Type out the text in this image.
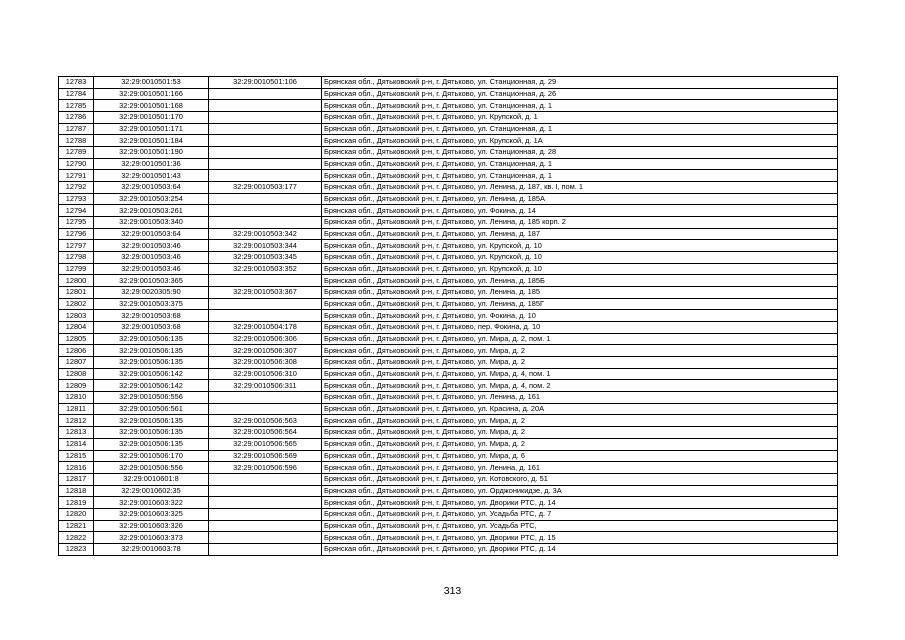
12783	32:29:0010501:53	32:29:0010501:106	Брянская обл., Дятьковский р-н, г. Дятьково, ул. Станционная, д. 29
12784	32:29:0010501:166		Брянская обл., Дятьковский р-н, г. Дятьково, ул. Станционная, д. 26
12785	32:29:0010501:168		Брянская обл., Дятьковский р-н, г. Дятьково, ул. Станционная, д. 1
12786	32:29:0010501:170		Брянская обл., Дятьковский р-н, г. Дятьково, ул. Крупской, д. 1
12787	32:29:0010501:171		Брянская обл., Дятьковский р-н, г. Дятьково, ул. Станционная, д. 1
12788	32:29:0010501:184		Брянская обл., Дятьковский р-н, г. Дятьково, ул. Крупской, д. 1А
12789	32:29:0010501:190		Брянская обл., Дятьковский р-н, г. Дятьково, ул. Станционная, д. 28
12790	32:29:0010501:36		Брянская обл., Дятьковский р-н, г. Дятьково, ул. Станционная, д. 1
12791	32:29:0010501:43		Брянская обл., Дятьковский р-н, г. Дятьково, ул. Станционная, д. 1
12792	32:29:0010503:64	32:29:0010503:177	Брянская обл., Дятьковский р-н, г. Дятьково, ул. Ленина, д. 187, кв. I, пом. 1
12793	32:29:0010503:254		Брянская обл., Дятьковский р-н, г. Дятьково, ул. Ленина, д. 185А
12794	32:29:0010503:261		Брянская обл., Дятьковский р-н, г. Дятьково, ул. Фокина, д. 14
12795	32:29:0010503:340		Брянская обл., Дятьковский р-н, г. Дятьково, ул. Ленина, д. 185 корп. 2
12796	32:29:0010503:64	32:29:0010503:342	Брянская обл., Дятьковский р-н, г. Дятьково, ул. Ленина, д. 187
12797	32:29:0010503:46	32:29:0010503:344	Брянская обл., Дятьковский р-н, г. Дятьково, ул. Крупской, д. 10
12798	32:29:0010503:46	32:29:0010503:345	Брянская обл., Дятьковский р-н, г. Дятьково, ул. Крупской, д. 10
12799	32:29:0010503:46	32:29:0010503:352	Брянская обл., Дятьковский р-н, г. Дятьково, ул. Крупской, д. 10
12800	32:29:0010503:365		Брянская обл., Дятьковский р-н, г. Дятьково, ул. Ленина, д. 185Б
12801	32:29:0020305:90	32:29:0010503:367	Брянская обл., Дятьковский р-н, г. Дятьково, ул. Ленина, д. 185
12802	32:29:0010503:375		Брянская обл., Дятьковский р-н, г. Дятьково, ул. Ленина, д. 185Г
12803	32:29:0010503:68		Брянская обл., Дятьковский р-н, г. Дятьково, ул. Фокина, д. 10
12804	32:29:0010503:68	32:29:0010504:178	Брянская обл., Дятьковский р-н, г. Дятьково, пер. Фокина, д. 10
12805	32:29:0010506:135	32:29:0010506:306	Брянская обл., Дятьковский р-н, г. Дятьково, ул. Мира, д. 2, пом. 1
12806	32:29:0010506:135	32:29:0010506:307	Брянская обл., Дятьковский р-н, г. Дятьково, ул. Мира, д. 2
12807	32:29:0010506:135	32:29:0010506:308	Брянская обл., Дятьковский р-н, г. Дятьково, ул. Мира, д. 2
12808	32:29:0010506:142	32:29:0010506:310	Брянская обл., Дятьковский р-н, г. Дятьково, ул. Мира, д. 4, пом. 1
12809	32:29:0010506:142	32:29:0010506:311	Брянская обл., Дятьковский р-н, г. Дятьково, ул. Мира, д. 4, пом. 2
12810	32:29:0010506:556		Брянская обл., Дятьковский р-н, г. Дятьково, ул. Ленина, д. 161
12811	32:29:0010506:561		Брянская обл., Дятьковский р-н, г. Дятьково, ул. Красина, д. 20А
12812	32:29:0010506:135	32:29:0010506:563	Брянская обл., Дятьковский р-н, г. Дятьково, ул. Мира, д. 2
12813	32:29:0010506:135	32:29:0010506:564	Брянская обл., Дятьковский р-н, г. Дятьково, ул. Мира, д. 2
12814	32:29:0010506:135	32:29:0010506:565	Брянская обл., Дятьковский р-н, г. Дятьково, ул. Мира, д. 2
12815	32:29:0010506:170	32:29:0010506:569	Брянская обл., Дятьковский р-н, г. Дятьково, ул. Мира, д. 6
12816	32:29:0010506:556	32:29:0010506:596	Брянская обл., Дятьковский р-н, г. Дятьково, ул. Ленина, д. 161
12817	32:29:0010601:8		Брянская обл., Дятьковский р-н, г. Дятьково, ул. Котовского, д. 51
12818	32:29:0010602:35		Брянская обл., Дятьковский р-н, г. Дятьково, ул. Орджоникидзе, д. 3А
12819	32:29:0010603:322		Брянская обл., Дятьковский р-н, г. Дятьково, ул. Дворики РТС, д. 14
12820	32:29:0010603:325		Брянская обл., Дятьковский р-н, г. Дятьково, ул. Усадьба РТС, д. 7
12821	32:29:0010603:326		Брянская обл., Дятьковский р-н, г. Дятьково, ул. Усадьба РТС,
12822	32:29:0010603:373		Брянская обл., Дятьковский р-н, г. Дятьково, ул. Дворики РТС, д. 15
12823	32:29:0010603:78		Брянская обл., Дятьковский р-н, г. Дятьково, ул. Дворики РТС, д. 14
313
